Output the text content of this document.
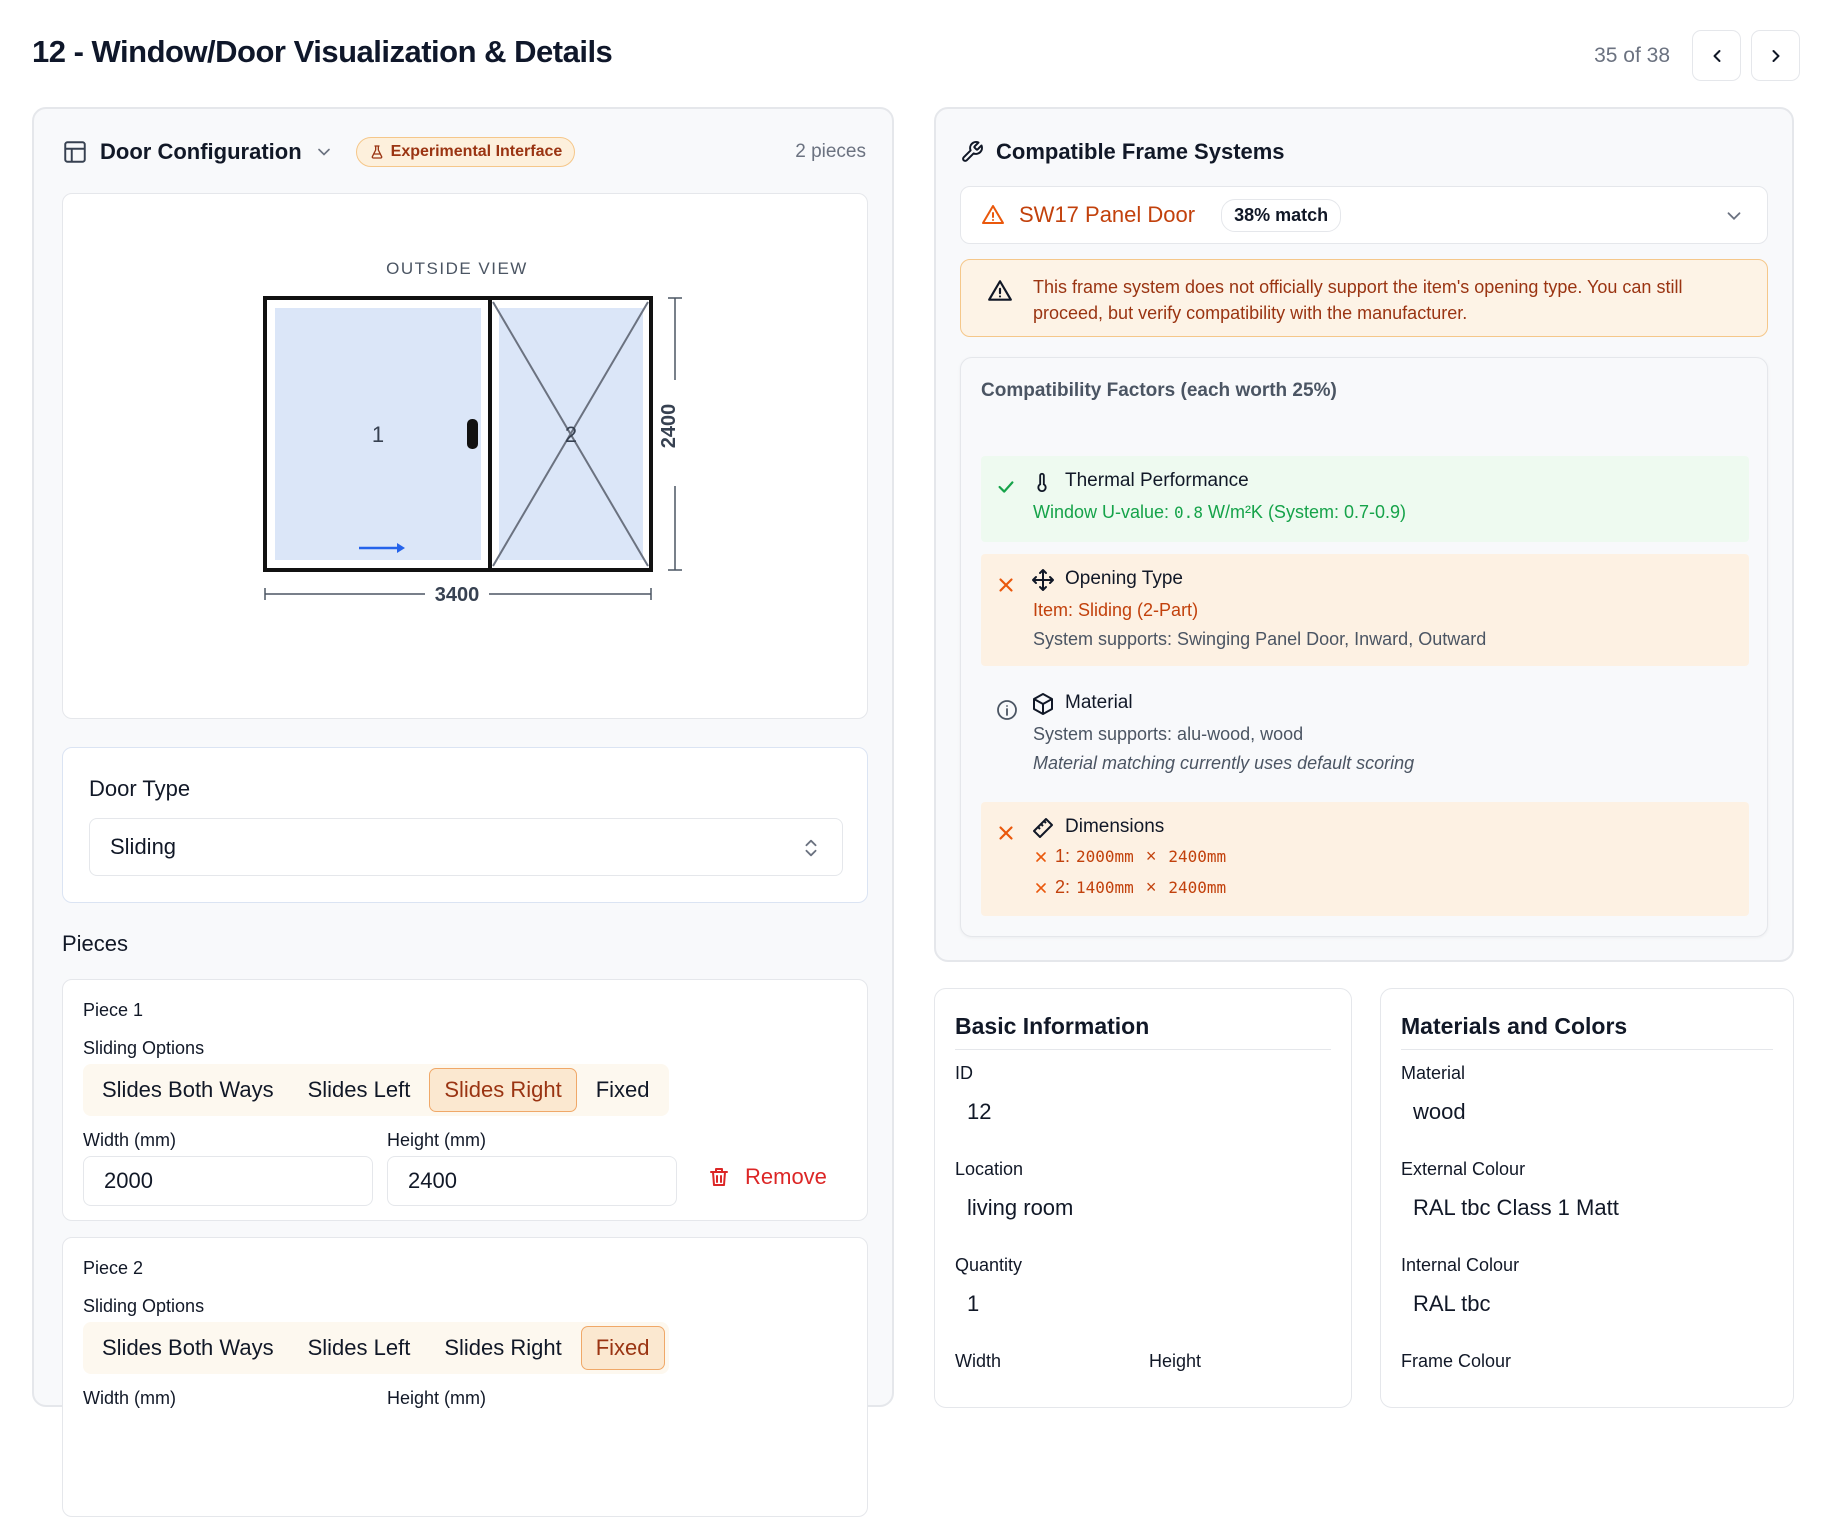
12 - Window/Door Visualization & Details	35 of 38
Door Configuration	Experimental Interface	2 pieces
OUTSIDE VIEW
1	2	2400
3400
Door Type
Sliding
Pieces
Piece 1
Sliding Options
Slides Both Ways	Slides Left	Slides Right	Fixed
Width (mm)	Height (mm)
2000	2400	Remove
Piece 2
Sliding Options
Slides Both Ways	Slides Left	Slides Right	Fixed
Width (mm)	Height (mm)
Compatible Frame Systems
SW17 Panel Door	38% match
This frame system does not officially support the item's opening type. You can still proceed, but verify compatibility with the manufacturer.
Compatibility Factors (each worth 25%)
Thermal Performance
Window U-value: 0.8 W/m²K (System: 0.7-0.9)
Opening Type
Item: Sliding (2-Part)
System supports: Swinging Panel Door, Inward, Outward
Material
System supports: alu-wood, wood
Material matching currently uses default scoring
Dimensions
1: 2000mm × 2400mm
2: 1400mm × 2400mm
Basic Information
ID
12
Location
living room
Quantity
1
Width	Height
Materials and Colors
Material
wood
External Colour
RAL tbc Class 1 Matt
Internal Colour
RAL tbc
Frame Colour
